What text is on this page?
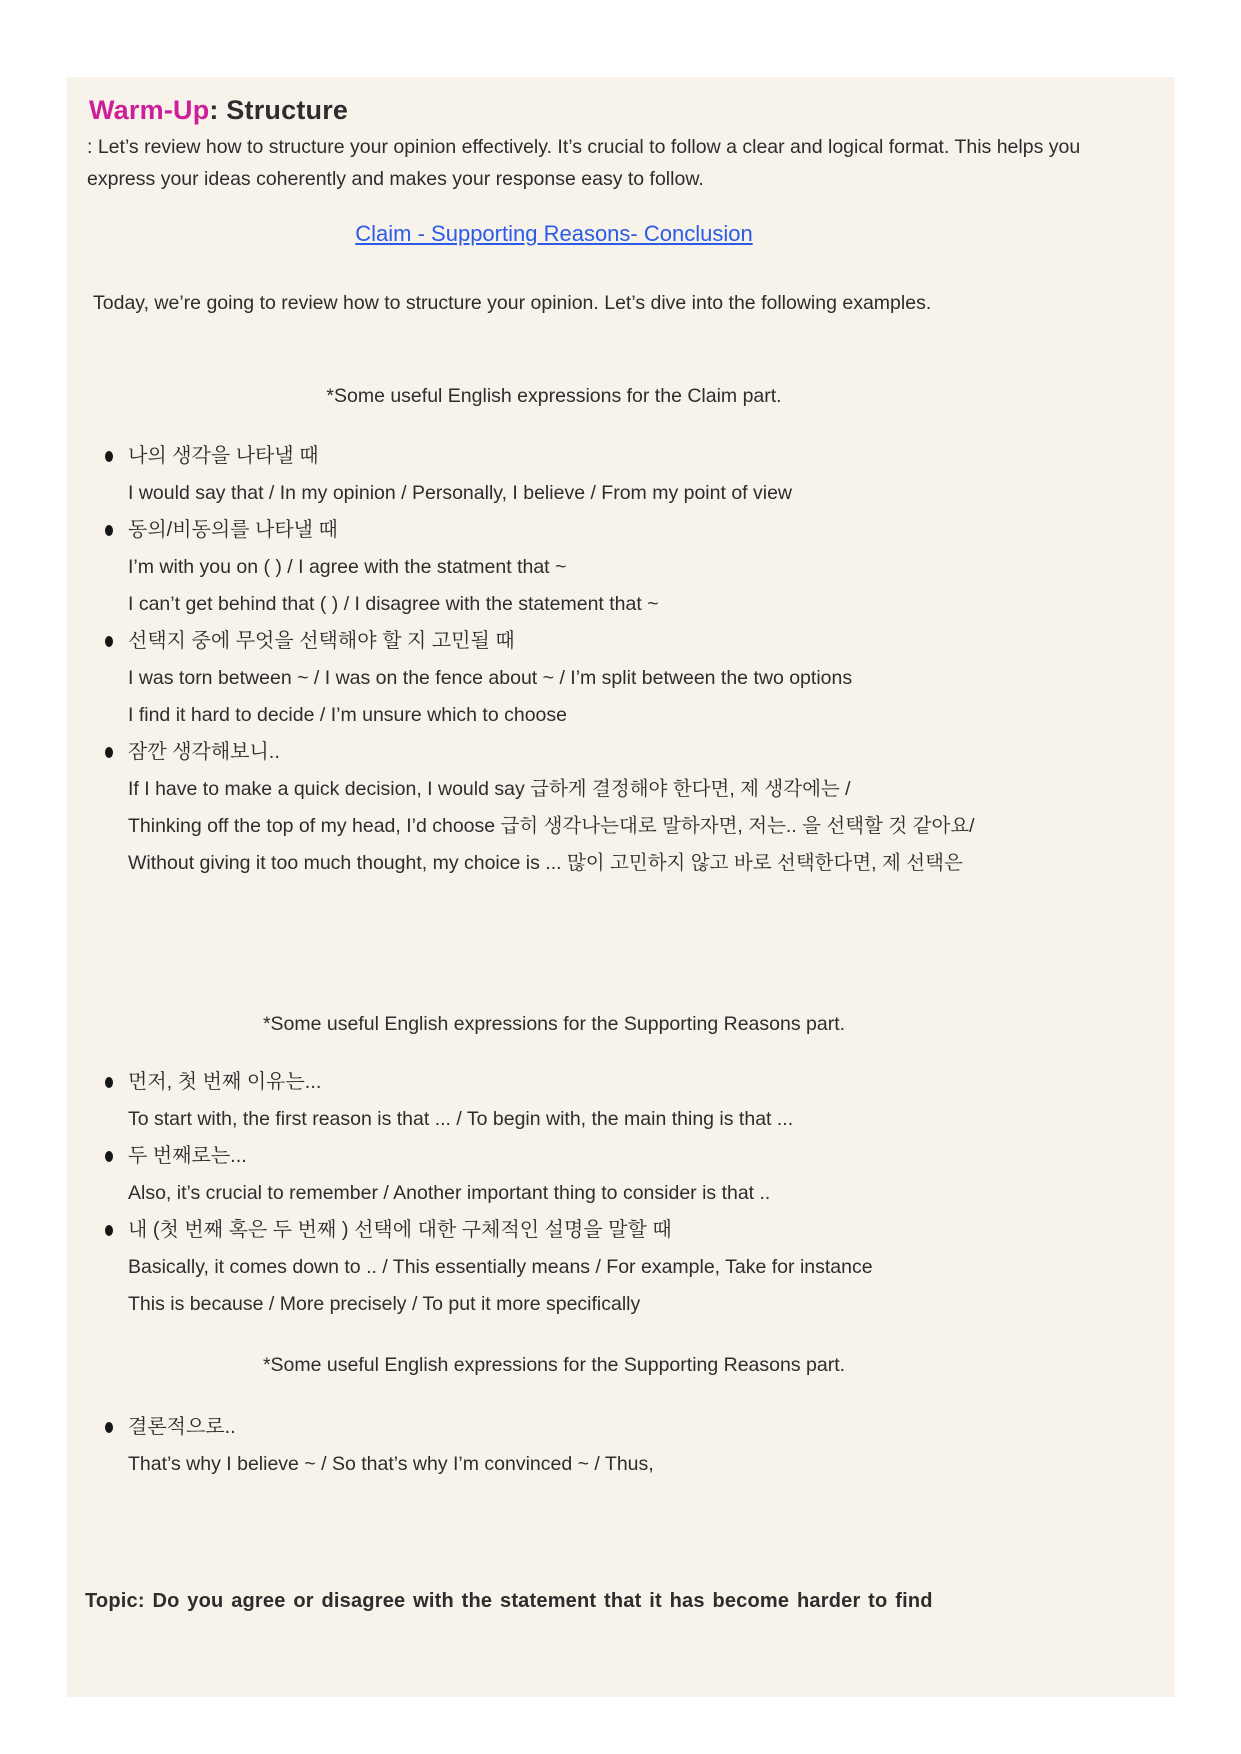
Warm-Up: Structure
: Let’s review how to structure your opinion effectively. It’s crucial to follow a clear and logical format. This helps you express your ideas coherently and makes your response easy to follow.
Claim - Supporting Reasons- Conclusion
Today, we’re going to review how to structure your opinion. Let’s dive into the following examples.
*Some useful English expressions for the Claim part.
나의 생각을 나타낼 때
I would say that / In my opinion / Personally, I believe / From my point of view
동의/비동의를 나타낼 때
I’m with you on ( ) / I agree with the statment that ~
I can’t get behind that ( ) / I disagree with the statement that ~
선택지 중에 무엇을 선택해야 할 지 고민될 때
I was torn between ~ / I was on the fence about ~ / I’m split between the two options
I find it hard to decide / I’m unsure which to choose
잠깐 생각해보니..
If I have to make a quick decision, I would say 급하게 결정해야 한다면, 제 생각에는 /
Thinking off the top of my head, I’d choose 급히 생각나는대로 말하자면, 저는.. 을 선택할 것 같아요/
Without giving it too much thought, my choice is ... 많이 고민하지 않고 바로 선택한다면, 제 선택은
*Some useful English expressions for the Supporting Reasons part.
먼저, 첫 번째 이유는...
To start with, the first reason is that ... / To begin with, the main thing is that ...
두 번째로는...
Also, it’s crucial to remember / Another important thing to consider is that ..
내 (첫 번째 혹은 두 번째 ) 선택에 대한 구체적인 설명을 말할 때
Basically, it comes down to .. / This essentially means / For example, Take for instance
This is because / More precisely / To put it more specifically
*Some useful English expressions for the Supporting Reasons part.
결론적으로..
That’s why I believe ~ / So that’s why I’m convinced ~ / Thus,
Topic: Do you agree or disagree with the statement that it has become harder to find
